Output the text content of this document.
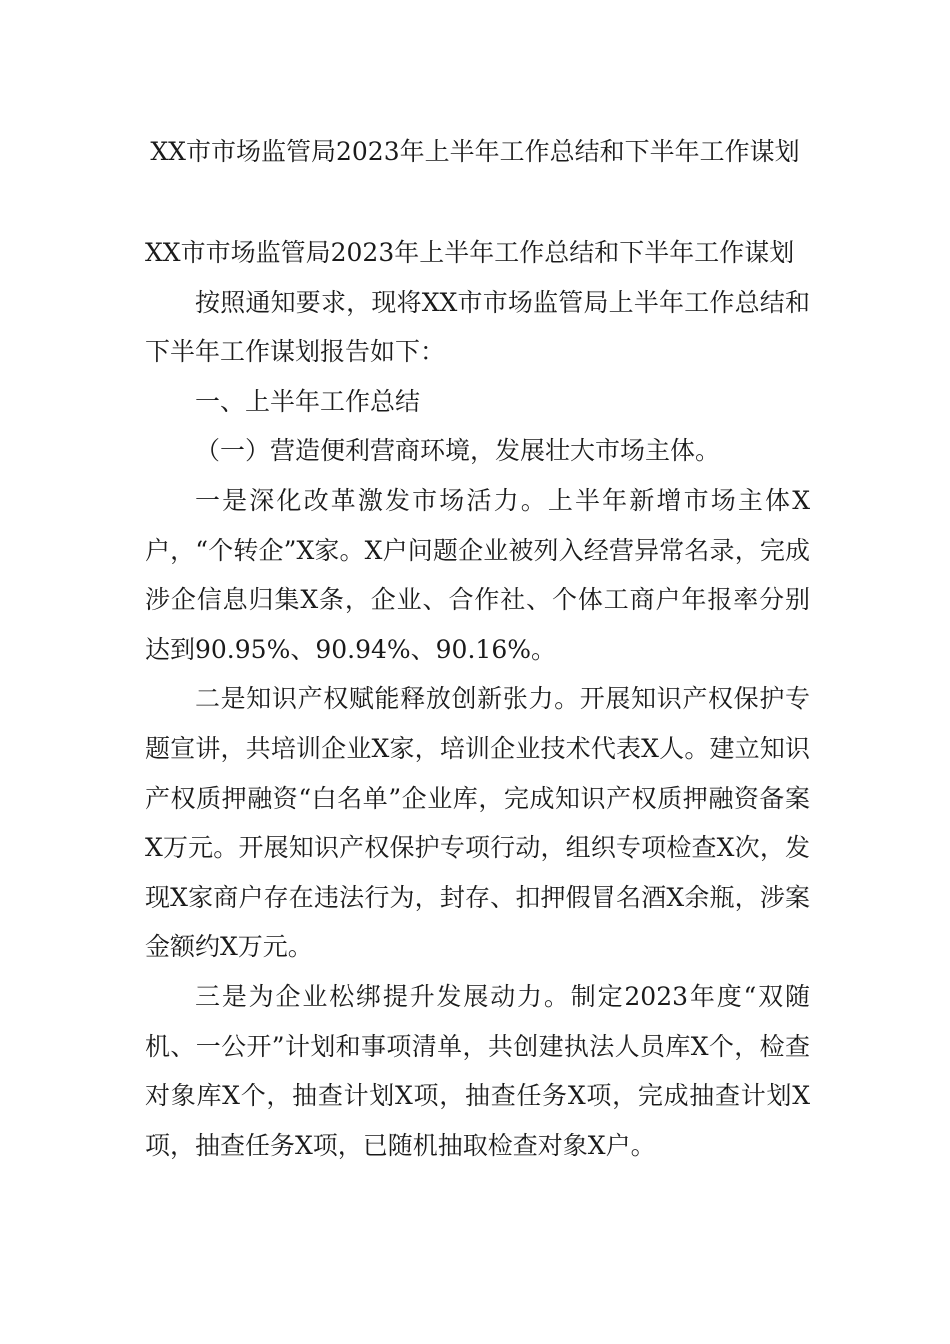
XX市市场监管局2023年上半年工作总结和下半年工作谋划

XX市市场监管局2023年上半年工作总结和下半年工作谋划

按照通知要求，现将XX市市场监管局上半年工作总结和下半年工作谋划报告如下：

一、上半年工作总结

（一）营造便利营商环境，发展壮大市场主体。

一是深化改革激发市场活力。上半年新增市场主体X户，“个转企”X家。X户问题企业被列入经营异常名录，完成涉企信息归集X条，企业、合作社、个体工商户年报率分别达到90.95%、90.94%、90.16%。

二是知识产权赋能释放创新张力。开展知识产权保护专题宣讲，共培训企业X家，培训企业技术代表X人。建立知识产权质押融资“白名单”企业库，完成知识产权质押融资备案X万元。开展知识产权保护专项行动，组织专项检查X次，发现X家商户存在违法行为，封存、扣押假冒名酒X余瓶，涉案金额约X万元。

三是为企业松绑提升发展动力。制定2023年度“双随机、一公开”计划和事项清单，共创建执法人员库X个，检查对象库X个，抽查计划X项，抽查任务X项，完成抽查计划X项，抽查任务X项，已随机抽取检查对象X户。
